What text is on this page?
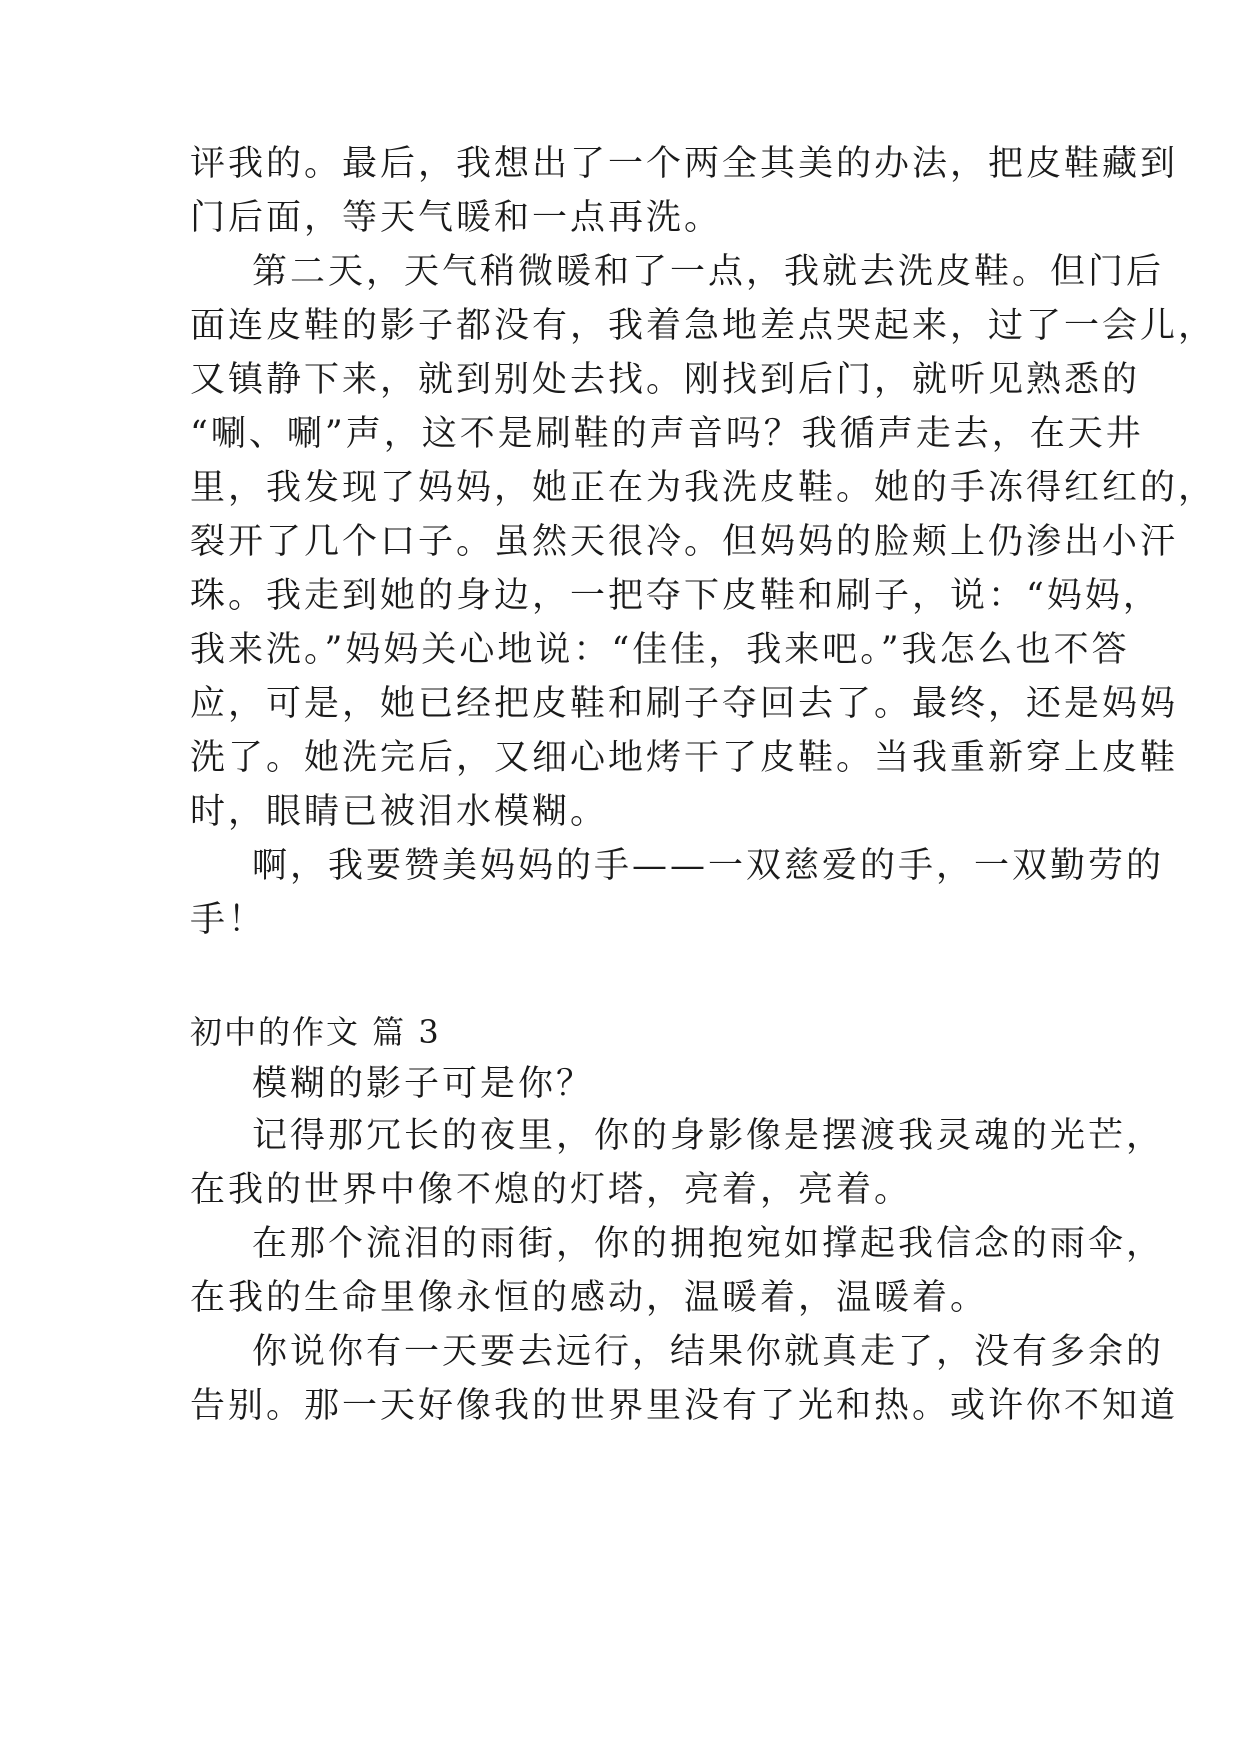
评我的。最后，我想出了一个两全其美的办法，把皮鞋藏到
门后面，等天气暖和一点再洗。
第二天，天气稍微暖和了一点，我就去洗皮鞋。但门后
面连皮鞋的影子都没有，我着急地差点哭起来，过了一会儿，
又镇静下来，就到别处去找。刚找到后门，就听见熟悉的
“唰、唰”声，这不是刷鞋的声音吗？我循声走去，在天井
里，我发现了妈妈，她正在为我洗皮鞋。她的手冻得红红的，
裂开了几个口子。虽然天很冷。但妈妈的脸颊上仍渗出小汗
珠。我走到她的身边，一把夺下皮鞋和刷子，说：“妈妈，
我来洗。”妈妈关心地说：“佳佳，我来吧。”我怎么也不答
应，可是，她已经把皮鞋和刷子夺回去了。最终，还是妈妈
洗了。她洗完后，又细心地烤干了皮鞋。当我重新穿上皮鞋
时，眼睛已被泪水模糊。
啊，我要赞美妈妈的手——一双慈爱的手，一双勤劳的
手！
初中的作文 篇 3
模糊的影子可是你？
记得那冗长的夜里，你的身影像是摆渡我灵魂的光芒，
在我的世界中像不熄的灯塔，亮着，亮着。
在那个流泪的雨街，你的拥抱宛如撑起我信念的雨伞，
在我的生命里像永恒的感动，温暖着，温暖着。
你说你有一天要去远行，结果你就真走了，没有多余的
告别。那一天好像我的世界里没有了光和热。或许你不知道
